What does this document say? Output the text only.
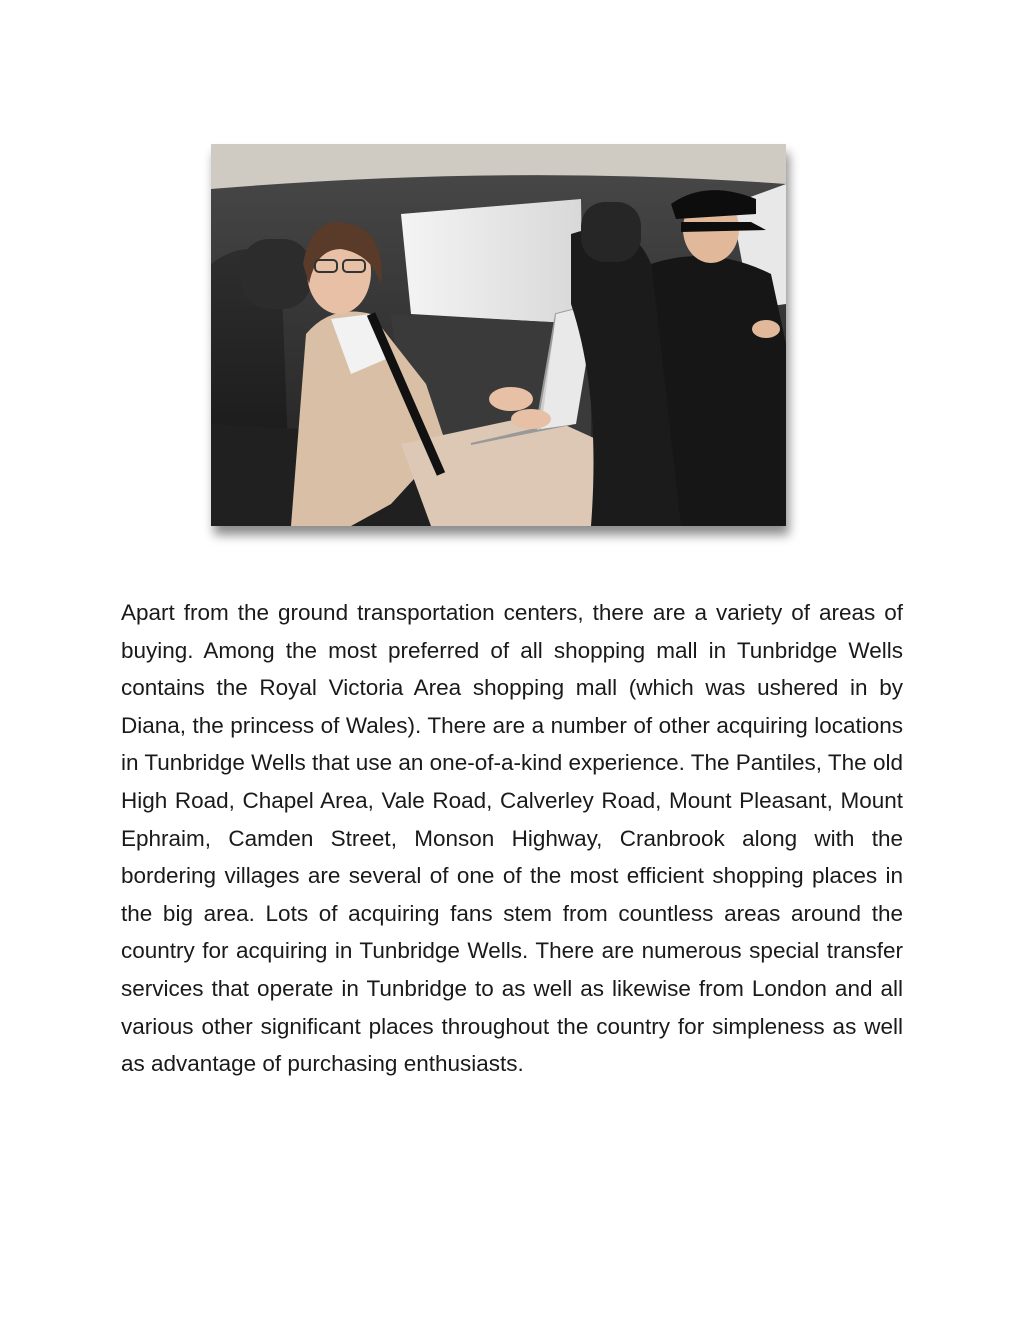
Apart from the ground transportation centers, there are a variety of areas of buying. Among the most preferred of all shopping mall in Tunbridge Wells contains the Royal Victoria Area shopping mall (which was ushered in by Diana, the princess of Wales). There are a number of other acquiring locations in Tunbridge Wells that use an one-of-a-kind experience. The Pantiles, The old High Road, Chapel Area, Vale Road, Calverley Road, Mount Pleasant, Mount Ephraim, Camden Street, Monson Highway, Cranbrook along with the bordering villages are several of one of the most efficient shopping places in the big area. Lots of acquiring fans stem from countless areas around the country for acquiring in Tunbridge Wells. There are numerous special transfer services that operate in Tunbridge to as well as likewise from London and all various other significant places throughout the country for simpleness as well as advantage of purchasing enthusiasts.
